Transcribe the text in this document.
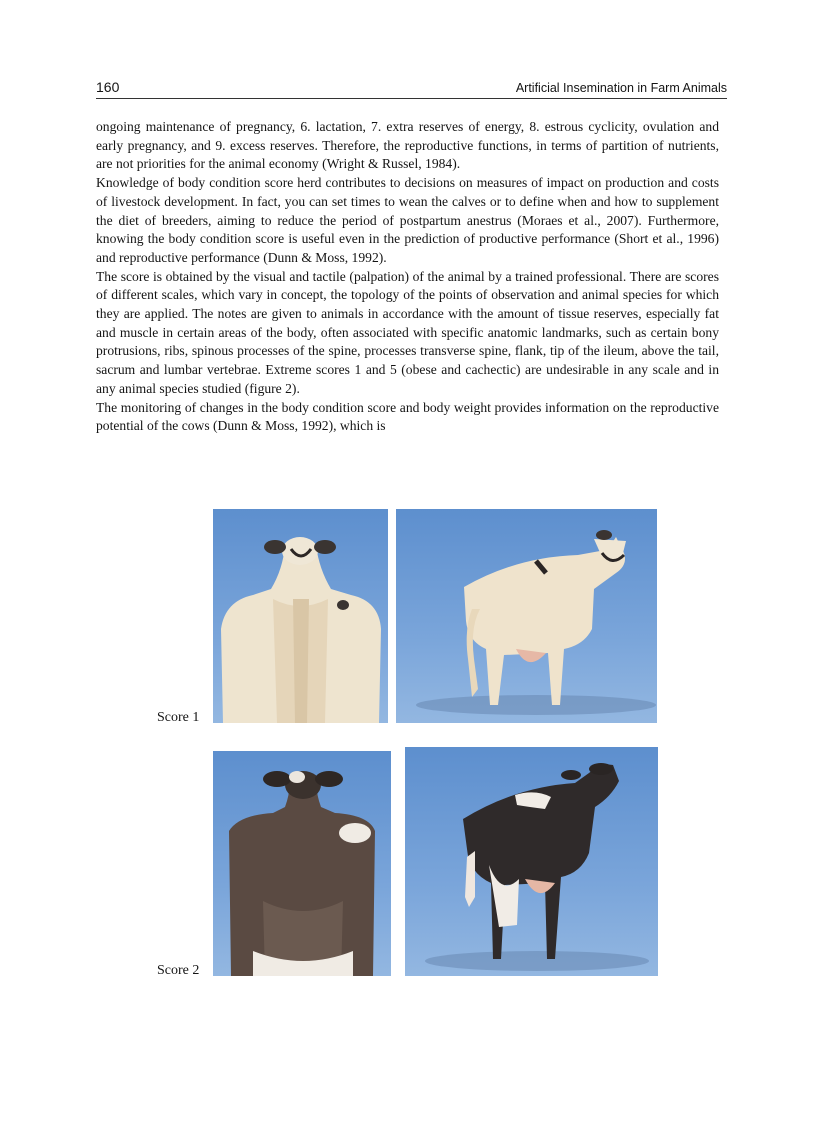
160	Artificial Insemination in Farm Animals

ongoing maintenance of pregnancy, 6. lactation, 7. extra reserves of energy, 8. estrous cyclicity, ovulation and early pregnancy, and 9. excess reserves. Therefore, the reproductive functions, in terms of partition of nutrients, are not priorities for the animal economy (Wright & Russel, 1984).

Knowledge of body condition score herd contributes to decisions on measures of impact on production and costs of livestock development. In fact, you can set times to wean the calves or to define when and how to supplement the diet of breeders, aiming to reduce the period of postpartum anestrus (Moraes et al., 2007). Furthermore, knowing the body condition score is useful even in the prediction of productive performance (Short et al., 1996) and reproductive performance (Dunn & Moss, 1992).

The score is obtained by the visual and tactile (palpation) of the animal by a trained professional. There are scores of different scales, which vary in concept, the topology of the points of observation and animal species for which they are applied. The notes are given to animals in accordance with the amount of tissue reserves, especially fat and muscle in certain areas of the body, often associated with specific anatomic landmarks, such as certain bony protrusions, ribs, spinous processes of the spine, processes transverse spine, flank, tip of the ileum, above the tail, sacrum and lumbar vertebrae. Extreme scores 1 and 5 (obese and cachectic) are undesirable in any scale and in any animal species studied (figure 2).

The monitoring of changes in the body condition score and body weight provides information on the reproductive potential of the cows (Dunn & Moss, 1992), which is

Score 1
Score 2
